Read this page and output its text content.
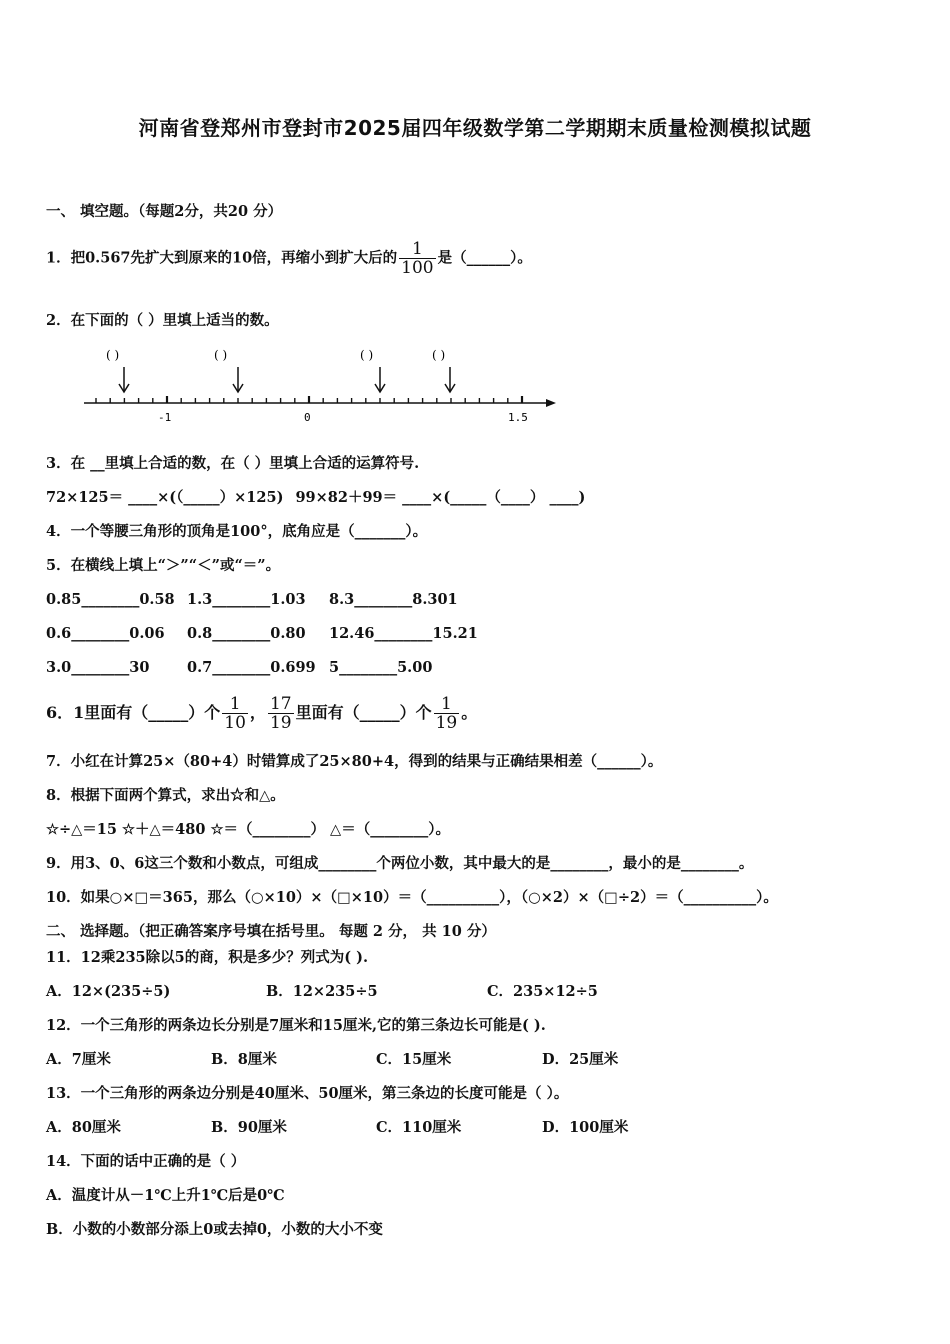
河南省登郑州市登封市2025届四年级数学第二学期期末质量检测模拟试题
一、 填空题。（每题2分，共20 分）
1．把0.567先扩大到原来的10倍，再缩小到扩大后的 $\frac{1}{100}$ 是（______）。
2．在下面的（ ）里填上适当的数。
( )	( )	( )	( )
-1	0	1.5
3．在 __里填上合适的数，在（ ）里填上合适的运算符号.
72×125＝ ____×(（_____）×125) 99×82＋99＝ ____×(_____（____） ____)
4．一个等腰三角形的顶角是100°，底角应是（_______）。
5．在横线上填上“＞”“＜”或“＝”。
0.85________0.58 1.3________1.03 8.3________8.301
0.6________0.06 0.8________0.80 12.46________15.21
3.0________30	0.7________0.699 5________5.00
6．1里面有（_____）个 $\frac{1}{10}$ ， $\frac{17}{19}$ 里面有（_____）个 $\frac{1}{19}$ 。
7．小红在计算25×（80+4）时错算成了25×80+4，得到的结果与正确结果相差（______）。
8．根据下面两个算式，求出☆和△。
☆÷△＝15 ☆＋△＝480 ☆＝（________） △＝（________）。
9．用3、0、6这三个数和小数点，可组成________个两位小数，其中最大的是________，最小的是________。
10．如果○×□＝365，那么（○×10）×（□×10）＝（__________），（○×2）×（□÷2）＝（__________）。
二、 选择题。（把正确答案序号填在括号里。 每题 2 分， 共 10 分）
11．12乘235除以5的商，积是多少？列式为( ).
A．12×(235÷5)	B．12×235÷5	C．235×12÷5
12．一个三角形的两条边长分别是7厘米和15厘米,它的第三条边长可能是( ).
A．7厘米	B．8厘米	C．15厘米	D．25厘米
13．一个三角形的两条边分别是40厘米、50厘米，第三条边的长度可能是（ ）。
A．80厘米	B．90厘米	C．110厘米	D．100厘米
14．下面的话中正确的是（ ）
A．温度计从－1℃上升1℃后是0℃
B．小数的小数部分添上0或去掉0，小数的大小不变
